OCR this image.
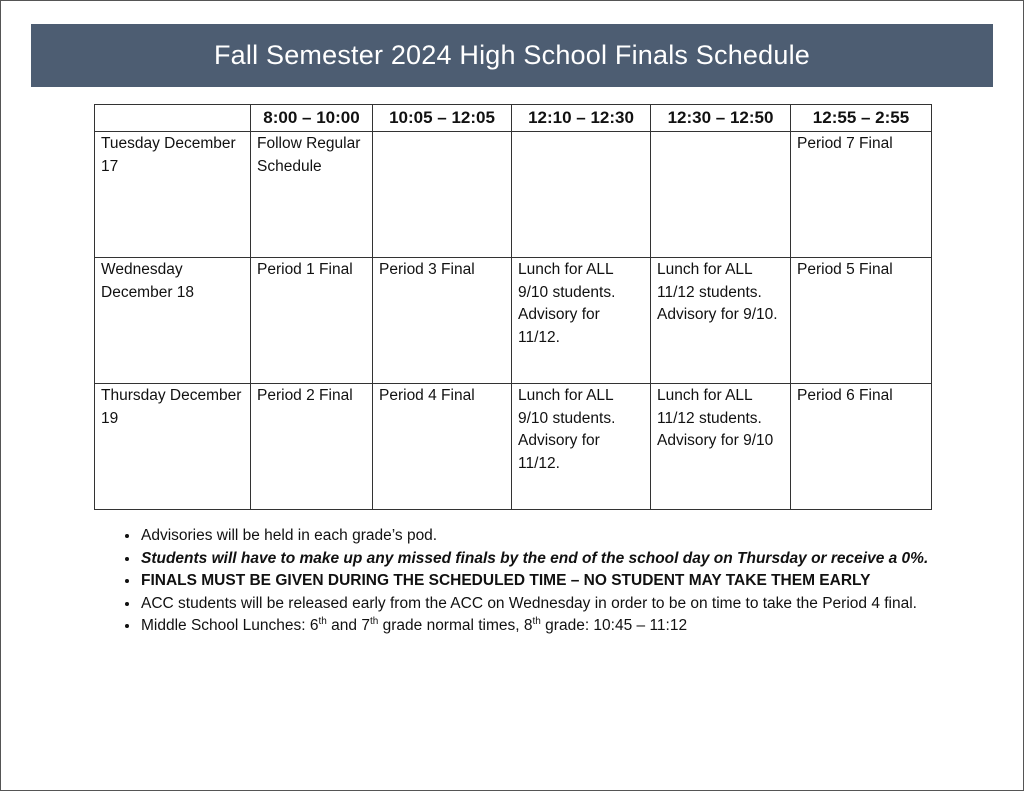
Fall Semester 2024 High School Finals Schedule
	8:00 – 10:00	10:05 – 12:05	12:10 – 12:30	12:30 – 12:50	12:55 – 2:55
Tuesday December 17	Follow Regular Schedule				Period 7 Final
Wednesday December 18	Period 1 Final	Period 3 Final	Lunch for ALL 9/10 students. Advisory for 11/12.	Lunch for ALL 11/12 students. Advisory for 9/10.	Period 5 Final
Thursday December 19	Period 2 Final	Period 4 Final	Lunch for ALL 9/10 students. Advisory for 11/12.	Lunch for ALL 11/12 students. Advisory for 9/10	Period 6 Final
• Advisories will be held in each grade’s pod.
• Students will have to make up any missed finals by the end of the school day on Thursday or receive a 0%.
• FINALS MUST BE GIVEN DURING THE SCHEDULED TIME – NO STUDENT MAY TAKE THEM EARLY
• ACC students will be released early from the ACC on Wednesday in order to be on time to take the Period 4 final.
• Middle School Lunches: 6th and 7th grade normal times, 8th grade: 10:45 – 11:12
